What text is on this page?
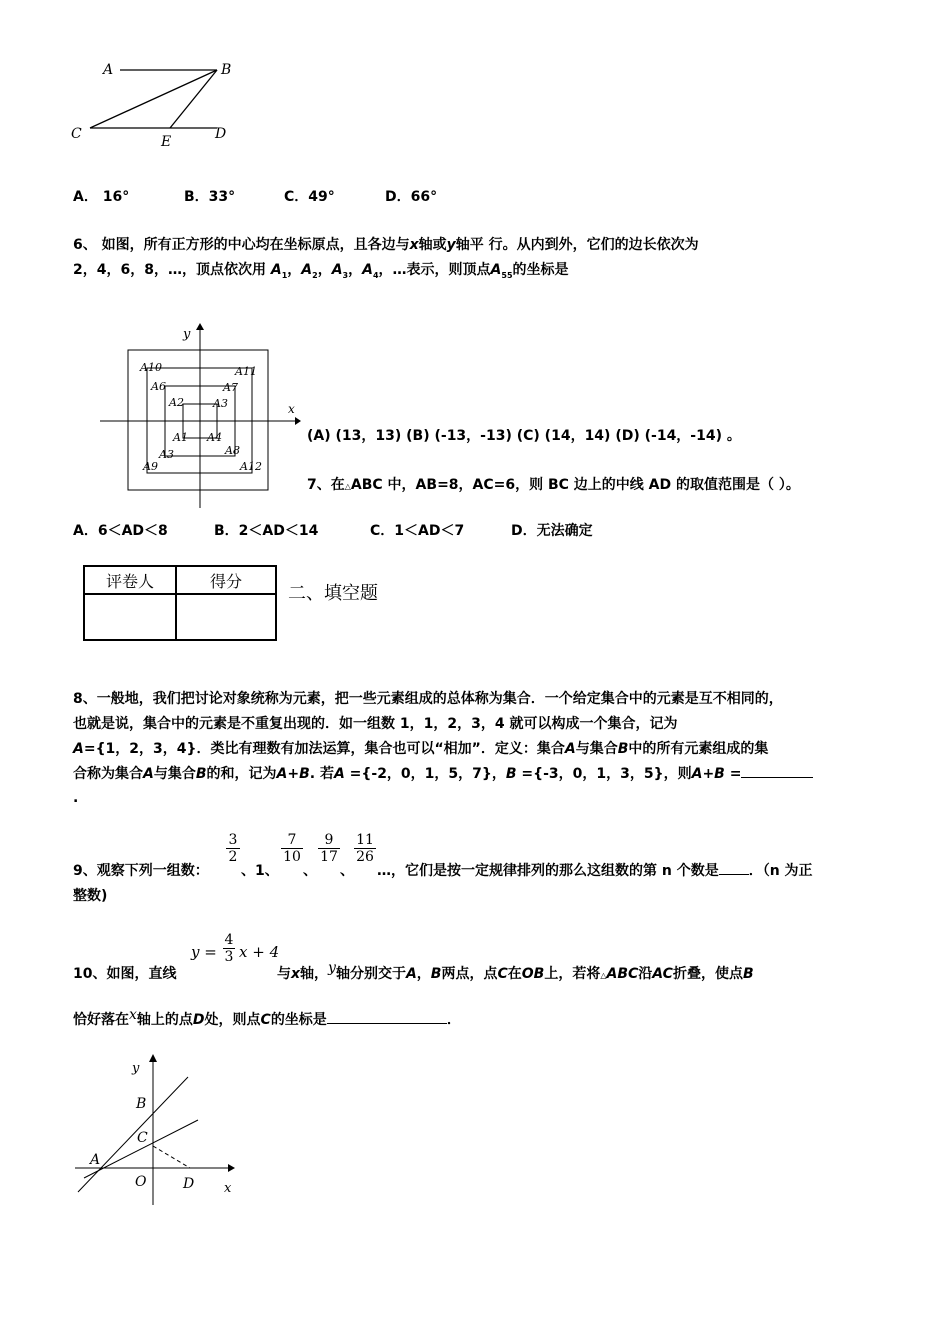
A	B
C	E	D
A． 16°	B．33°	C．49°	D．66°
6、 如图，所有正方形的中心均在坐标原点，且各边与x轴或y轴平 行。从内到外，它们的边长依次为
2，4，6，8，…，顶点依次用 $A_1$，$A_2$，$A_3$，$A_4$，…表示，则顶点$A_{55}$的坐标是
y
x
A10	A11
A6	A7
A2	A3
A1 A4
A3	A8
A9	A12
(A) (13，13) (B) (-13，-13) (C) (14，14) (D) (-14，-14) 。
7、在△ABC 中，AB=8，AC=6，则 BC 边上的中线 AD 的取值范围是（ ）。
A．6＜AD＜8	B．2＜AD＜14	C．1＜AD＜7	D．无法确定
评卷人	得分

二、填空题
8、一般地，我们把讨论对象统称为元素，把一些元素组成的总体称为集合．一个给定集合中的元素是互不相同的，
也就是说，集合中的元素是不重复出现的．如一组数 1，1，2，3，4 就可以构成一个集合，记为
A={1，2，3，4}．类比有理数有加法运算，集合也可以“相加”．定义：集合A与集合B中的所有元素组成的集
合称为集合A与集合B的和，记为A+B. 若A ={-2，0，1，5，7}，B ={-3，0，1，3，5}，则A+B =
.
$\frac{3}{2}$	$\frac{7}{10} \frac{9}{17} \frac{11}{26}$
9、观察下列一组数： 、1、 、 、 …，它们是按一定规律排列的那么这组数的第 n 个数是 ．（n 为正
整数)
10、如图，直线
$y = \frac{4}{3}$ x + 4
与x轴，y轴分别交于A，B两点，点C在OB上，若将△ABC沿AC折叠，使点B
恰好落在x轴上的点D处，则点C的坐标是	．
y
x
B
C
A
O	D
